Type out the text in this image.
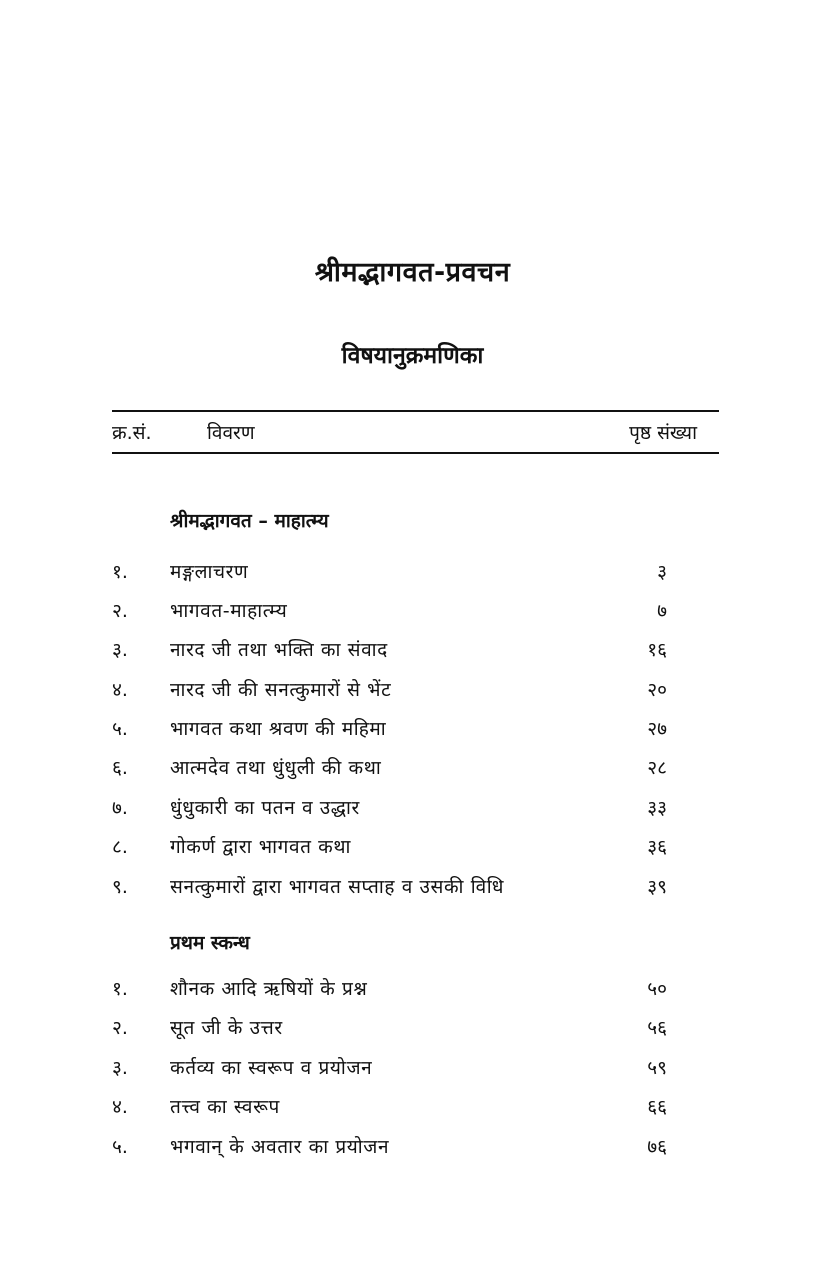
श्रीमद्भागवत-प्रवचन
विषयानुक्रमणिका
क्र.सं.	विवरण	पृष्ठ संख्या
श्रीमद्भागवत – माहात्म्य
१. मङ्गलाचरण	३
२. भागवत-माहात्म्य	७
३. नारद जी तथा भक्ति का संवाद	१६
४. नारद जी की सनत्कुमारों से भेंट	२०
५. भागवत कथा श्रवण की महिमा	२७
६. आत्मदेव तथा धुंधुली की कथा	२८
७. धुंधुकारी का पतन व उद्धार	३३
८. गोकर्ण द्वारा भागवत कथा	३६
९. सनत्कुमारों द्वारा भागवत सप्ताह व उसकी विधि	३९
प्रथम स्कन्ध
१. शौनक आदि ऋषियों के प्रश्न	५०
२. सूत जी के उत्तर	५६
३. कर्तव्य का स्वरूप व प्रयोजन	५९
४. तत्त्व का स्वरूप	६६
५. भगवान् के अवतार का प्रयोजन	७६
